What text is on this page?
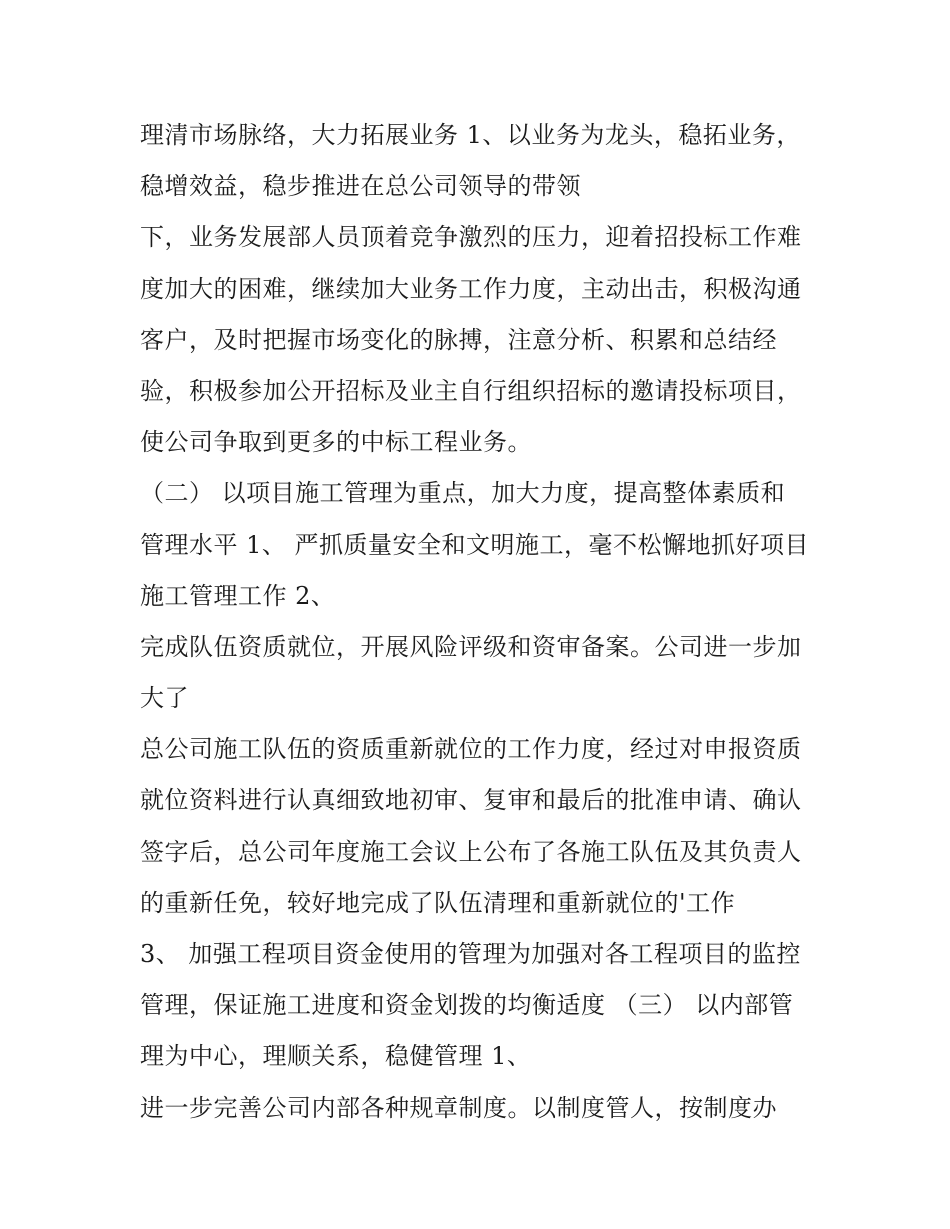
理清市场脉络，大力拓展业务 1、以业务为龙头，稳拓业务，
稳增效益，稳步推进在总公司领导的带领
下，业务发展部人员顶着竞争激烈的压力，迎着招投标工作难
度加大的困难，继续加大业务工作力度，主动出击，积极沟通
客户，及时把握市场变化的脉搏，注意分析、积累和总结经
验，积极参加公开招标及业主自行组织招标的邀请投标项目，
使公司争取到更多的中标工程业务。
（二） 以项目施工管理为重点，加大力度，提高整体素质和
管理水平 1、 严抓质量安全和文明施工，毫不松懈地抓好项目
施工管理工作 2、
完成队伍资质就位，开展风险评级和资审备案。公司进一步加
大了
总公司施工队伍的资质重新就位的工作力度，经过对申报资质
就位资料进行认真细致地初审、复审和最后的批准申请、确认
签字后，总公司年度施工会议上公布了各施工队伍及其负责人
的重新任免，较好地完成了队伍清理和重新就位的'工作
3、 加强工程项目资金使用的管理为加强对各工程项目的监控
管理，保证施工进度和资金划拨的均衡适度 （三） 以内部管
理为中心，理顺关系，稳健管理 1、
进一步完善公司内部各种规章制度。以制度管人，按制度办
